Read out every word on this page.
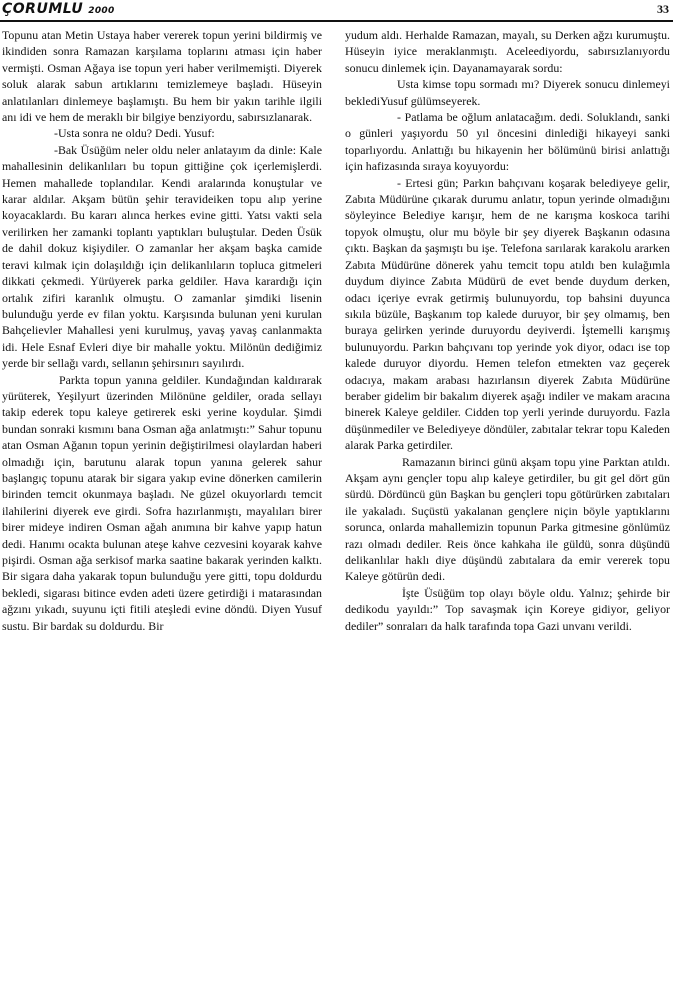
ÇORUMLU 2000	33

Topunu atan Metin Ustaya haber vererek topun yerini bildirmiş ve ikindiden sonra Ramazan karşılama toplarını atması için haber vermişti. Osman Ağaya ise topun yeri haber verilmemişti. Diyerek soluk alarak sabun artıklarını temizlemeye başladı. Hüseyin anlatılanları dinlemeye başlamıştı. Bu hem bir yakın tarihle ilgili anı idi ve hem de meraklı bir bilgiye benziyordu, sabırsızlanarak.

-Usta sonra ne oldu? Dedi. Yusuf:

-Bak Üsüğüm neler oldu neler anlatayım da dinle: Kale mahallesinin delikanlıları bu topun gittiğine çok içerlemişlerdi. Hemen mahallede toplandılar. Kendi aralarında konuştular ve karar aldılar. Akşam bütün şehir teravideiken topu alıp yerine koyacaklardı. Bu kararı alınca herkes evine gitti. Yatsı vakti sela verilirken her zamanki toplantı yaptıkları buluştular. Deden Üsük de dahil dokuz kişiydiler. O zamanlar her akşam başka camide teravi kılmak için dolaşıldığı için delikanlıların topluca gitmeleri dikkati çekmedi. Yürüyerek parka geldiler. Hava karardığı için ortalık zifiri karanlık olmuştu. O zamanlar şimdiki lisenin bulunduğu yerde ev filan yoktu. Karşısında bulunan yeni kurulan Bahçelievler Mahallesi yeni kurulmuş, yavaş yavaş canlanmakta idi. Hele Esnaf Evleri diye bir mahalle yoktu. Milönün dediğimiz yerde bir sellağı vardı, sellanın şehirsınırı sayılırdı.

Parkta topun yanına geldiler. Kundağından kaldırarak yürüterek, Yeşilyurt üzerinden Milönüne geldiler, orada sellayı takip ederek topu kaleye getirerek eski yerine koydular. Şimdi bundan sonraki kısmını bana Osman ağa anlatmıştı:” Sahur topunu atan Osman Ağanın topun yerinin değiştirilmesi olaylardan haberi olmadığı için, barutunu alarak topun yanına gelerek sahur başlangıç topunu atarak bir sigara yakıp evine dönerken camilerin birinden temcit okunmaya başladı. Ne güzel okuyorlardı temcit ilahilerini diyerek eve girdi. Sofra hazırlanmıştı, mayalıları birer birer mideye indiren Osman ağah anımına bir kahve yapıp hatun dedi. Hanımı ocakta bulunan ateşe kahve cezvesini koyarak kahve pişirdi. Osman ağa serkisof marka saatine bakarak yerinden kalktı. Bir sigara daha yakarak topun bulunduğu yere gitti, topu doldurdu bekledi, sigarası bitince evden adeti üzere getirdiği i matarasından ağzını yıkadı, suyunu içti fitili ateşledi evine döndü. Diyen Yusuf sustu. Bir bardak su doldurdu. Bir

yudum aldı. Herhalde Ramazan, mayalı, su Derken ağzı kurumuştu. Hüseyin iyice meraklanmıştı. Aceleediyordu, sabırsızlanıyordu sonucu dinlemek için. Dayanamayarak sordu:

Usta kimse topu sormadı mı? Diyerek sonucu dinlemeyi beklediYusuf gülümseyerek.

- Patlama be oğlum anlatacağım. dedi. Soluklandı, sanki o günleri yaşıyordu 50 yıl öncesini dinlediği hikayeyi sanki toparlıyordu. Anlattığı bu hikayenin her bölümünü birisi anlattığı için hafizasında sıraya koyuyordu:

- Ertesi gün; Parkın bahçıvanı koşarak belediyeye gelir, Zabıta Müdürüne çıkarak durumu anlatır, topun yerinde olmadığını söyleyince Belediye karışır, hem de ne karışma koskoca tarihi topyok olmuştu, olur mu böyle bir şey diyerek Başkanın odasına çıktı. Başkan da şaşmıştı bu işe. Telefona sarılarak karakolu ararken Zabıta Müdürüne dönerek yahu temcit topu atıldı ben kulağımla duydum diyince Zabıta Müdürü de evet bende duydum derken, odacı içeriye evrak getirmiş bulunuyordu, top bahsini duyunca sıkıla büzüle, Başkanım top kalede duruyor, bir şey olmamış, ben buraya gelirken yerinde duruyordu deyiverdi. İştemelli karışmış bulunuyordu. Parkın bahçıvanı top yerinde yok diyor, odacı ise top kalede duruyor diyordu. Hemen telefon etmekten vaz geçerek odacıya, makam arabası hazırlansın diyerek Zabıta Müdürüne beraber gidelim bir bakalım diyerek aşağı indiler ve makam aracına binerek Kaleye geldiler. Cidden top yerli yerinde duruyordu. Fazla düşünmediler ve Belediyeye döndüler, zabıtalar tekrar topu Kaleden alarak Parka getirdiler.

Ramazanın birinci günü akşam topu yine Parktan atıldı. Akşam aynı gençler topu alıp kaleye getirdiler, bu git gel dört gün sürdü. Dördüncü gün Başkan bu gençleri topu götürürken zabıtaları ile yakaladı. Suçüstü yakalanan gençlere niçin böyle yaptıklarını sorunca, onlarda mahallemizin topunun Parka gitmesine gönlümüz razı olmadı dediler. Reis önce kahkaha ile güldü, sonra düşündü delikanlılar haklı diye düşündü zabıtalara da emir vererek topu Kaleye götürün dedi.

İşte Üsüğüm top olayı böyle oldu. Yalnız; şehirde bir dedikodu yayıldı:” Top savaşmak için Koreye gidiyor, geliyor dediler” sonraları da halk tarafında topa Gazi unvanı verildi.
